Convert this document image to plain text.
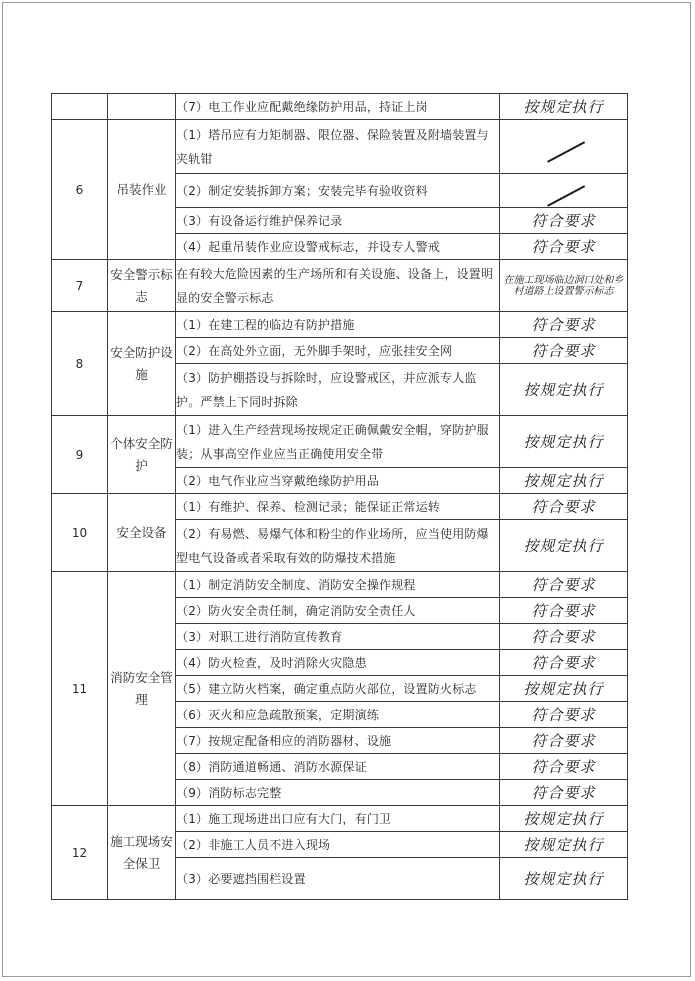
		（7）电工作业应配戴绝缘防护用品，持证上岗	按规定执行
6	吊装作业	（1）塔吊应有力矩制器、限位器、保险装置及附墙装置与夹轨钳	
		（2）制定安装拆卸方案；安装完毕有验收资料	
		（3）有设备运行维护保养记录	符合要求
		（4）起重吊装作业应设警戒标志，并设专人警戒	符合要求
7	安全警示标志	在有较大危险因素的生产场所和有关设施、设备上，设置明显的安全警示标志	在施工现场临边洞口处和乡村道路上设置警示标志
8	安全防护设施	（1）在建工程的临边有防护措施	符合要求
		（2）在高处外立面，无外脚手架时，应张挂安全网	符合要求
		（3）防护棚搭设与拆除时，应设警戒区，并应派专人监护。严禁上下同时拆除	按规定执行
9	个体安全防护	（1）进入生产经营现场按规定正确佩戴安全帽，穿防护服装；从事高空作业应当正确使用安全带	按规定执行
		（2）电气作业应当穿戴绝缘防护用品	按规定执行
10	安全设备	（1）有维护、保养、检测记录；能保证正常运转	符合要求
		（2）有易燃、易爆气体和粉尘的作业场所，应当使用防爆型电气设备或者采取有效的防爆技术措施	按规定执行
11	消防安全管理	（1）制定消防安全制度、消防安全操作规程	符合要求
		（2）防火安全责任制，确定消防安全责任人	符合要求
		（3）对职工进行消防宣传教育	符合要求
		（4）防火检查，及时消除火灾隐患	符合要求
		（5）建立防火档案，确定重点防火部位，设置防火标志	按规定执行
		（6）灭火和应急疏散预案，定期演练	符合要求
		（7）按规定配备相应的消防器材、设施	符合要求
		（8）消防通道畅通、消防水源保证	符合要求
		（9）消防标志完整	符合要求
12	施工现场安全保卫	（1）施工现场进出口应有大门，有门卫	按规定执行
		（2）非施工人员不进入现场	按规定执行
		（3）必要遮挡围栏设置	按规定执行
